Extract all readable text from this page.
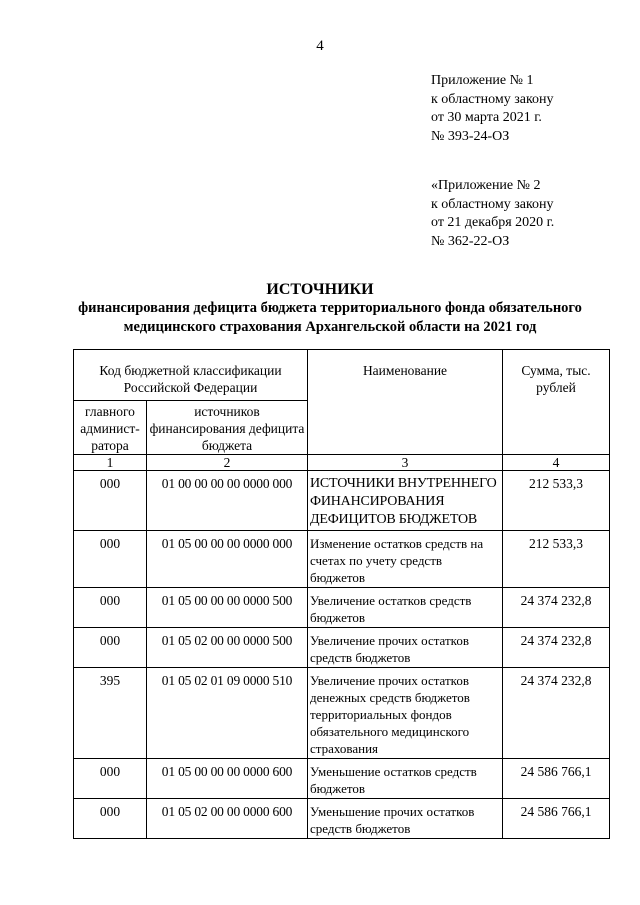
4
Приложение № 1
к областному закону
от 30 марта 2021 г.
№ 393-24-ОЗ
«Приложение № 2
к областному закону
от 21 декабря 2020 г.
№ 362-22-ОЗ
ИСТОЧНИКИ
финансирования дефицита бюджета территориального фонда обязательного медицинского страхования Архангельской области на 2021 год
Код бюджетной классификации Российской Федерации		Наименование	Сумма, тыс. рублей
главного админист-ратора	источников финансирования дефицита бюджета		
1	2	3	4
000	01 00 00 00 00 0000 000	ИСТОЧНИКИ ВНУТРЕННЕГО ФИНАНСИРОВАНИЯ ДЕФИЦИТОВ БЮДЖЕТОВ	212 533,3
000	01 05 00 00 00 0000 000	Изменение остатков средств на счетах по учету средств бюджетов	212 533,3
000	01 05 00 00 00 0000 500	Увеличение остатков средств бюджетов	24 374 232,8
000	01 05 02 00 00 0000 500	Увеличение прочих остатков средств бюджетов	24 374 232,8
395	01 05 02 01 09 0000 510	Увеличение прочих остатков денежных средств бюджетов территориальных фондов обязательного медицинского страхования	24 374 232,8
000	01 05 00 00 00 0000 600	Уменьшение остатков средств бюджетов	24 586 766,1
000	01 05 02 00 00 0000 600	Уменьшение прочих остатков средств бюджетов	24 586 766,1
